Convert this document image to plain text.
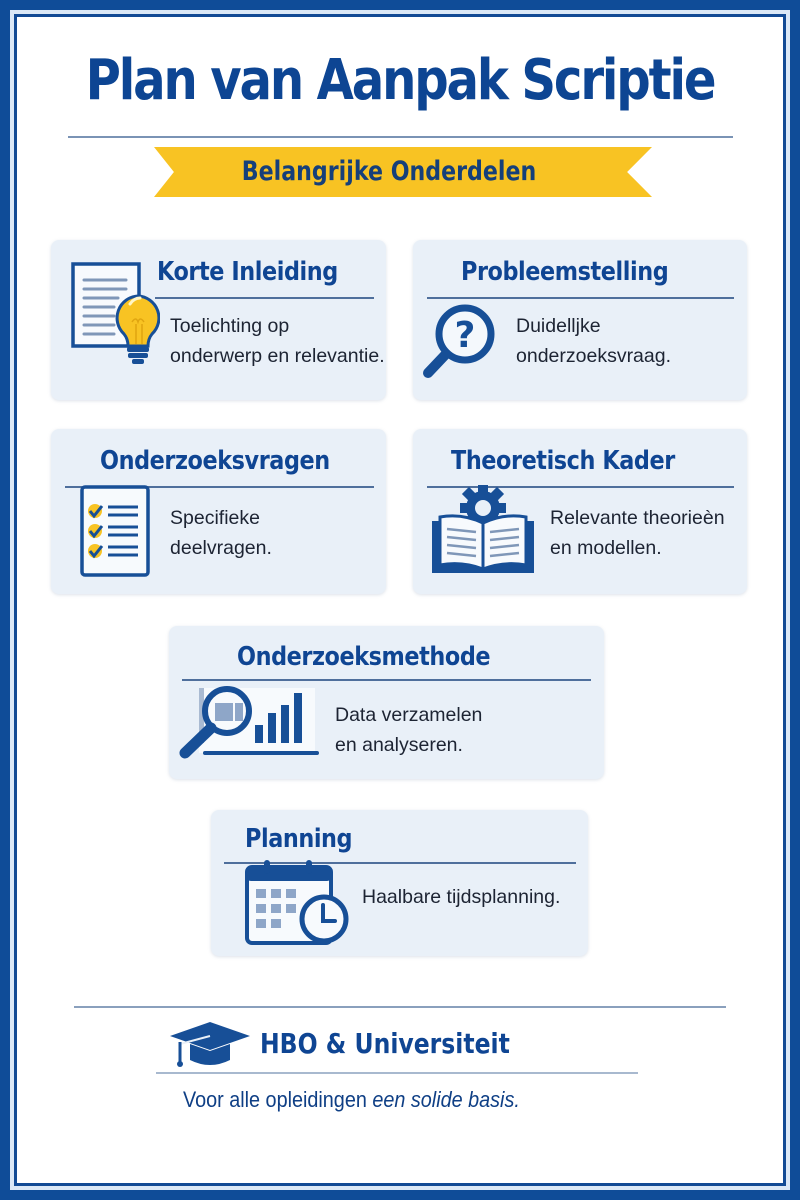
Plan van Aanpak Scriptie
Belangrijke Onderdelen
Korte Inleiding
Toelichting op
onderwerp en relevantie.
Probleemstelling
? Duidelljke
onderzoeksvraag.
Onderzoeksvragen
Specifieke
deelvragen.
Theoretisch Kader
Relevante theorieèn
en modellen.
Onderzoeksmethode
Data verzamelen
en analyseren.
Planning
Haalbare tijdsplanning.
HBO & Universiteit
Voor alle opleidingen een solide basis.
